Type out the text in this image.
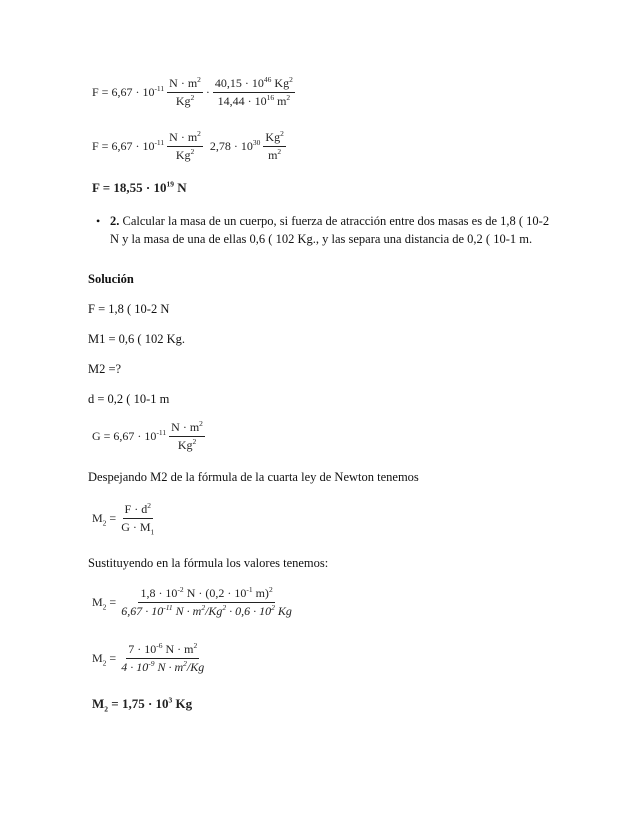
$F = 6,67 \cdot 10^{-11} \frac{N \cdot m^2}{Kg^2} \cdot \frac{40,15 \cdot 10^{46} Kg^2}{14,44 \cdot 10^{16} m^2}$
$F = 6,67 \cdot 10^{-11} \frac{N \cdot m^2}{Kg^2} 2,78 \cdot 10^{30} \frac{Kg^2}{m^2}$
$F = 18,55 \cdot 10^{19}$ N
• 2. Calcular la masa de un cuerpo, si fuerza de atracción entre dos masas es de 1,8 ( 10-2 N y la masa de una de ellas 0,6 ( 102 Kg., y las separa una distancia de 0,2 ( 10-1 m.
Solución
F = 1,8 ( 10-2 N
M1 = 0,6 ( 102 Kg.
M2 =?
d = 0,2 ( 10-1 m
$G = 6,67 \cdot 10^{-11} \frac{N \cdot m^2}{Kg^2}$
Despejando M2 de la fórmula de la cuarta ley de Newton tenemos
$M_2 = \frac{F \cdot d^2}{G \cdot M_1}$
Sustituyendo en la fórmula los valores tenemos:
$M_2 = \frac{1,8 \cdot 10^{-2} N \cdot (0,2 \cdot 10^{-1} m)^2}{6,67 \cdot 10^{-11} N \cdot m^2/Kg^2 \cdot 0,6 \cdot 10^2 Kg}$
$M_2 = \frac{7 \cdot 10^{-6} N \cdot m^2}{4 \cdot 10^{-9} N \cdot m^2/Kg}$
$M_2 = 1,75 \cdot 10^3$ Kg
